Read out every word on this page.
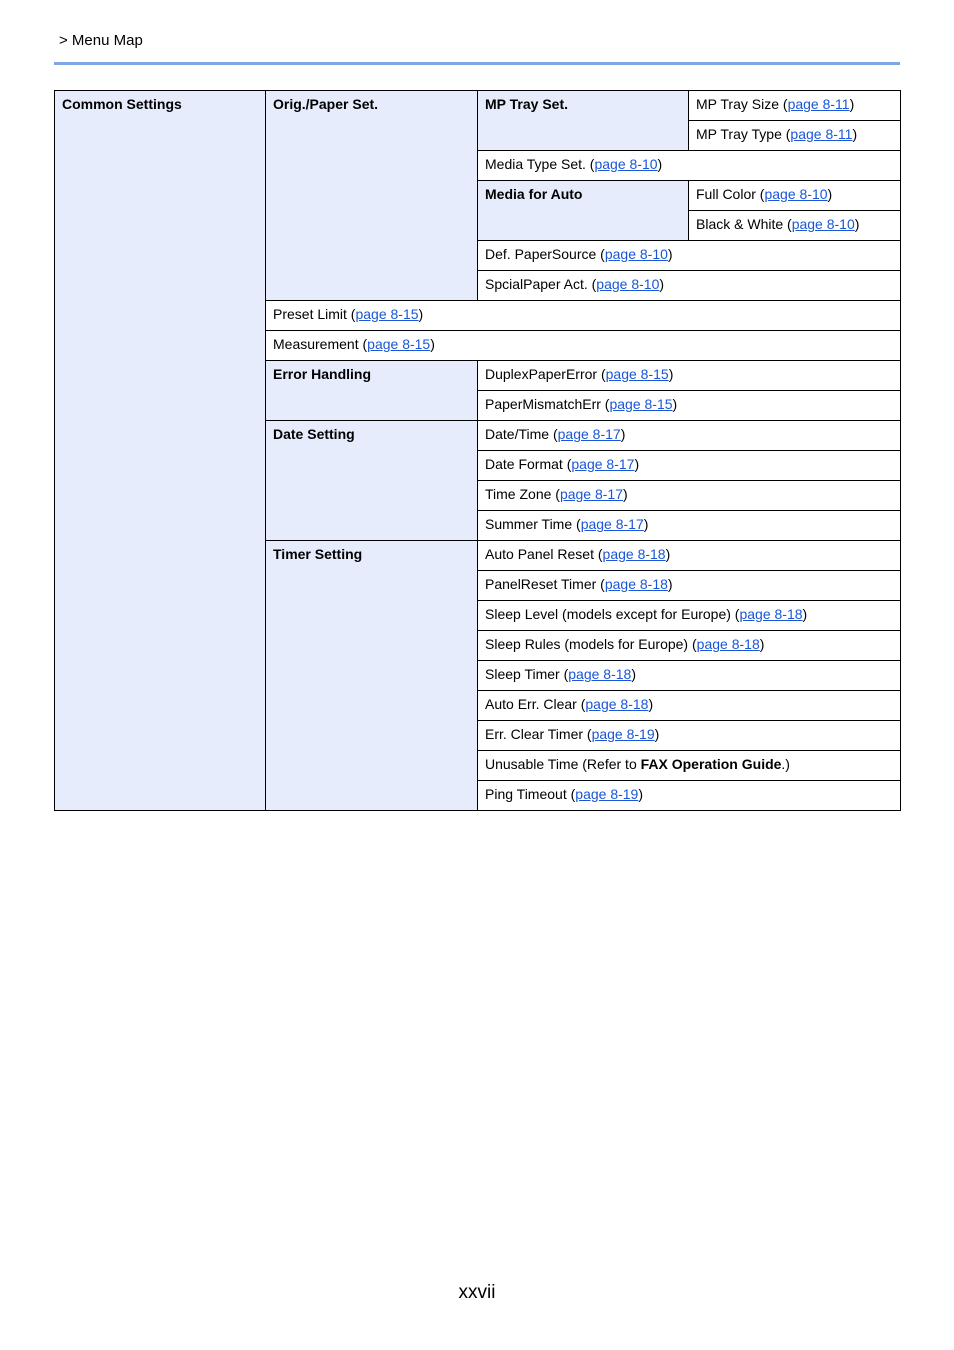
> Menu Map
Common Settings	Orig./Paper Set.	MP Tray Set.	MP Tray Size (page 8-11)
			MP Tray Type (page 8-11)
		Media Type Set. (page 8-10)	
		Media for Auto	Full Color (page 8-10)
			Black & White (page 8-10)
		Def. PaperSource (page 8-10)	
		SpcialPaper Act. (page 8-10)	
	Preset Limit (page 8-15)		
	Measurement (page 8-15)		
	Error Handling	DuplexPaperError (page 8-15)	
		PaperMismatchErr (page 8-15)	
	Date Setting	Date/Time (page 8-17)	
		Date Format (page 8-17)	
		Time Zone (page 8-17)	
		Summer Time (page 8-17)	
	Timer Setting	Auto Panel Reset (page 8-18)	
		PanelReset Timer (page 8-18)	
		Sleep Level (models except for Europe) (page 8-18)	
		Sleep Rules (models for Europe) (page 8-18)	
		Sleep Timer (page 8-18)	
		Auto Err. Clear (page 8-18)	
		Err. Clear Timer (page 8-19)	
		Unusable Time (Refer to FAX Operation Guide.)	
		Ping Timeout (page 8-19)	
xxvii
